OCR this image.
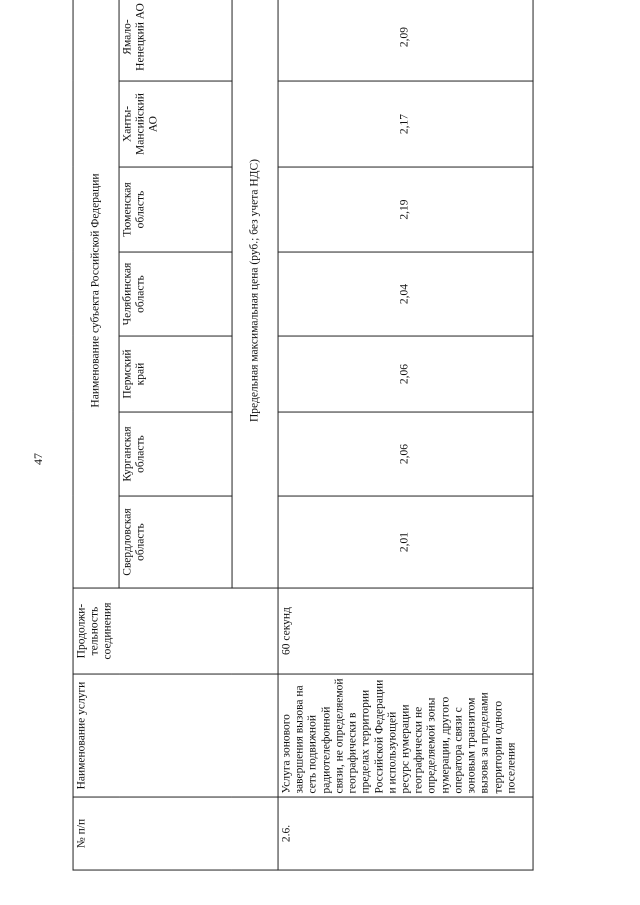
47
№ п/п	Наименование услуги	Продолжи-тельность соединения	Наименование субъекта Российской Федерации						
			Свердловская область	Курганская область	Пермский край	Челябинская область	Тюменская область	Ханты-Мансийский АО	Ямало-Ненецкий АО
			Предельная максимальная цена (руб.; без учета НДС)						
2.6.	Услуга зонового завершения вызова на сеть подвижной радиотелефонной связи, не определяемой географически в пределах территории Российской Федерации и использующей ресурс нумерации географически не определяемой зоны нумерации, другого оператора связи с зоновым транзитом вызова за пределами территории одного поселения	60 секунд	2,01	2,06	2,06	2,04	2,19	2,17	2,09
